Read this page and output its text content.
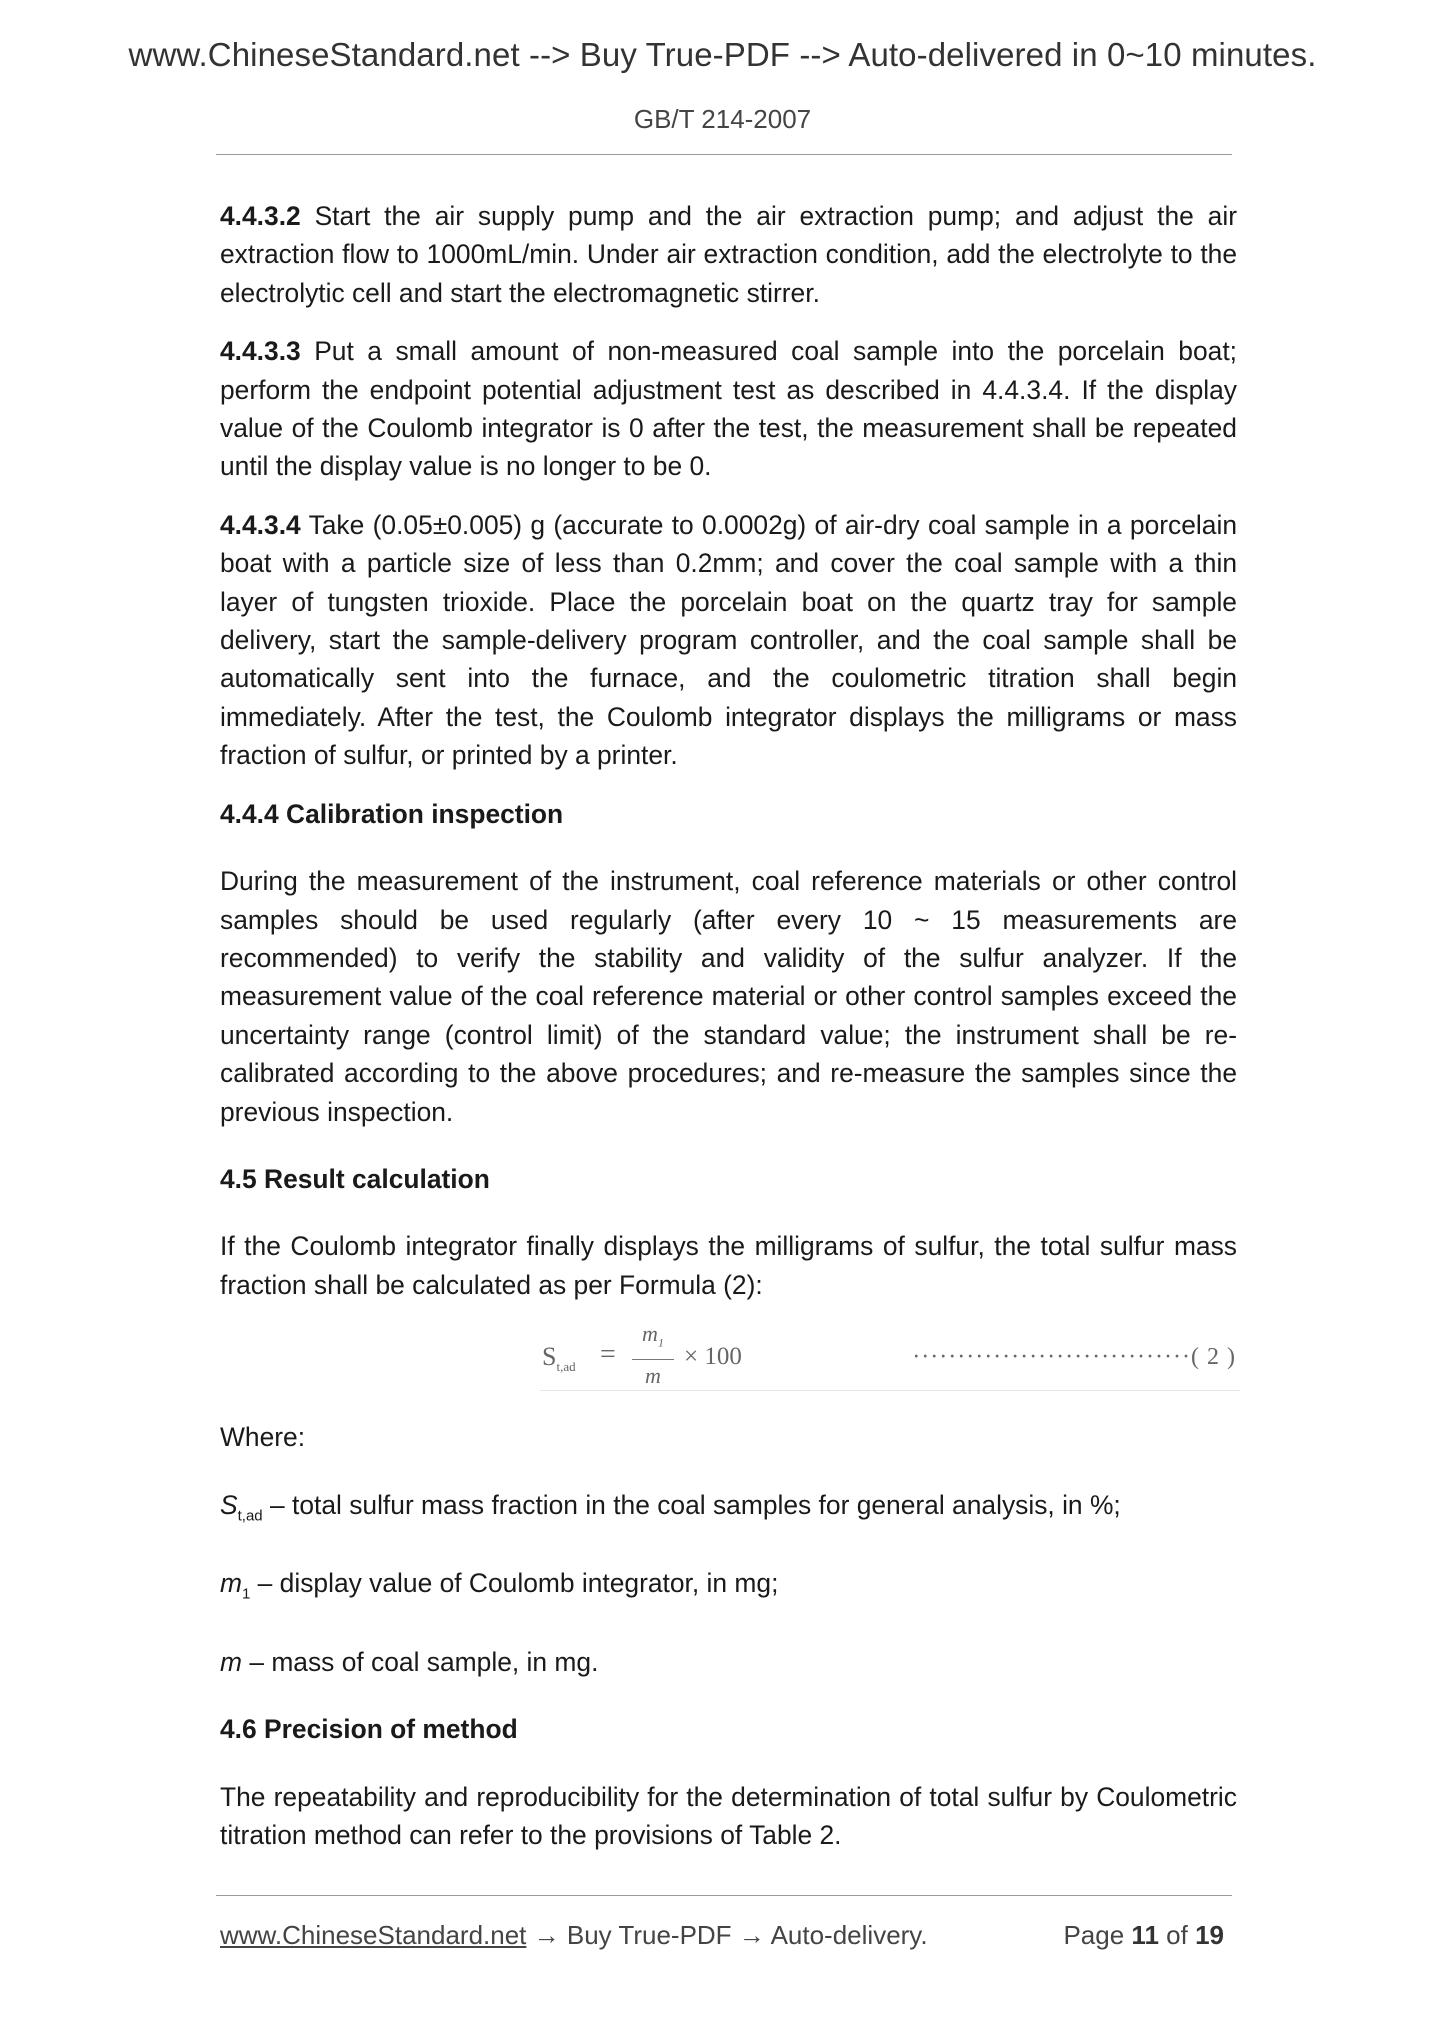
www.ChineseStandard.net --> Buy True-PDF --> Auto-delivered in 0~10 minutes.
GB/T 214-2007

4.4.3.2 Start the air supply pump and the air extraction pump; and adjust the air extraction flow to 1000mL/min. Under air extraction condition, add the electrolyte to the electrolytic cell and start the electromagnetic stirrer.

4.4.3.3 Put a small amount of non-measured coal sample into the porcelain boat; perform the endpoint potential adjustment test as described in 4.4.3.4. If the display value of the Coulomb integrator is 0 after the test, the measurement shall be repeated until the display value is no longer to be 0.

4.4.3.4 Take (0.05±0.005) g (accurate to 0.0002g) of air-dry coal sample in a porcelain boat with a particle size of less than 0.2mm; and cover the coal sample with a thin layer of tungsten trioxide. Place the porcelain boat on the quartz tray for sample delivery, start the sample-delivery program controller, and the coal sample shall be automatically sent into the furnace, and the coulometric titration shall begin immediately. After the test, the Coulomb integrator displays the milligrams or mass fraction of sulfur, or printed by a printer.

4.4.4 Calibration inspection

During the measurement of the instrument, coal reference materials or other control samples should be used regularly (after every 10 ~ 15 measurements are recommended) to verify the stability and validity of the sulfur analyzer. If the measurement value of the coal reference material or other control samples exceed the uncertainty range (control limit) of the standard value; the instrument shall be re-calibrated according to the above procedures; and re-measure the samples since the previous inspection.

4.5 Result calculation

If the Coulomb integrator finally displays the milligrams of sulfur, the total sulfur mass fraction shall be calculated as per Formula (2):

$S_{t,ad}$ =
$m_1$
m
× 100	·······························( 2 )

Where:

$S_{t,ad}$ – total sulfur mass fraction in the coal samples for general analysis, in %;

$m_1$ – display value of Coulomb integrator, in mg;

m – mass of coal sample, in mg.

4.6 Precision of method

The repeatability and reproducibility for the determination of total sulfur by Coulometric titration method can refer to the provisions of Table 2.

www.ChineseStandard.net → Buy True-PDF → Auto-delivery.	Page 11 of 19
